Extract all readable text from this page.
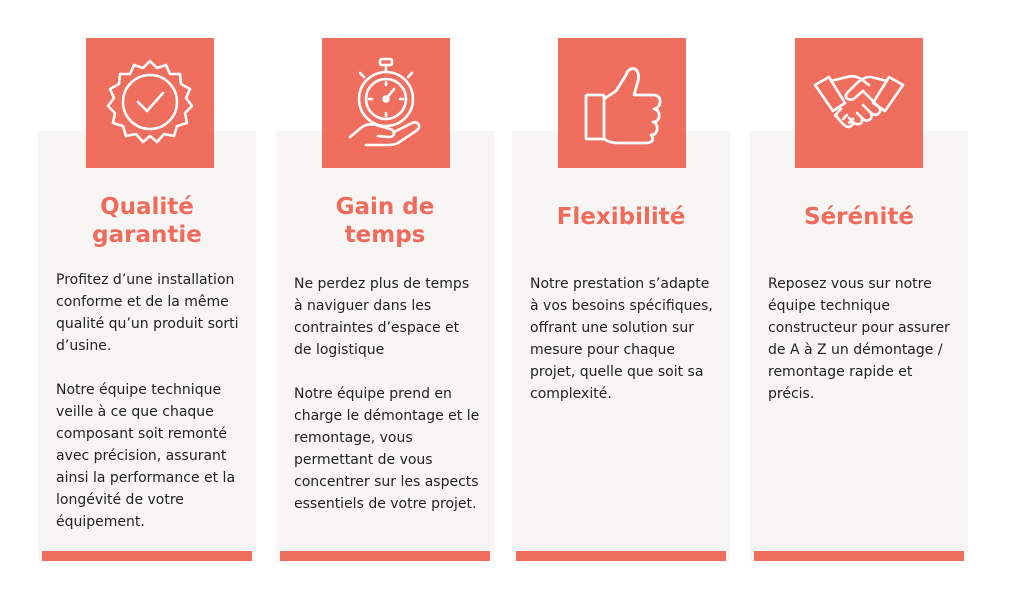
Qualité
garantie

Profitez d’une installation conforme et de la même qualité qu’un produit sorti d’usine.

Notre équipe technique veille à ce que chaque composant soit remonté avec précision, assurant ainsi la performance et la longévité de votre équipement.

Gain de
temps

Ne perdez plus de temps à naviguer dans les contraintes d’espace et de logistique

Notre équipe prend en charge le démontage et le remontage, vous permettant de vous concentrer sur les aspects essentiels de votre projet.

Flexibilité

Notre prestation s’adapte à vos besoins spécifiques, offrant une solution sur mesure pour chaque projet, quelle que soit sa complexité.

Sérénité

Reposez vous sur notre équipe technique constructeur pour assurer de A à Z un démontage / remontage rapide et précis.
